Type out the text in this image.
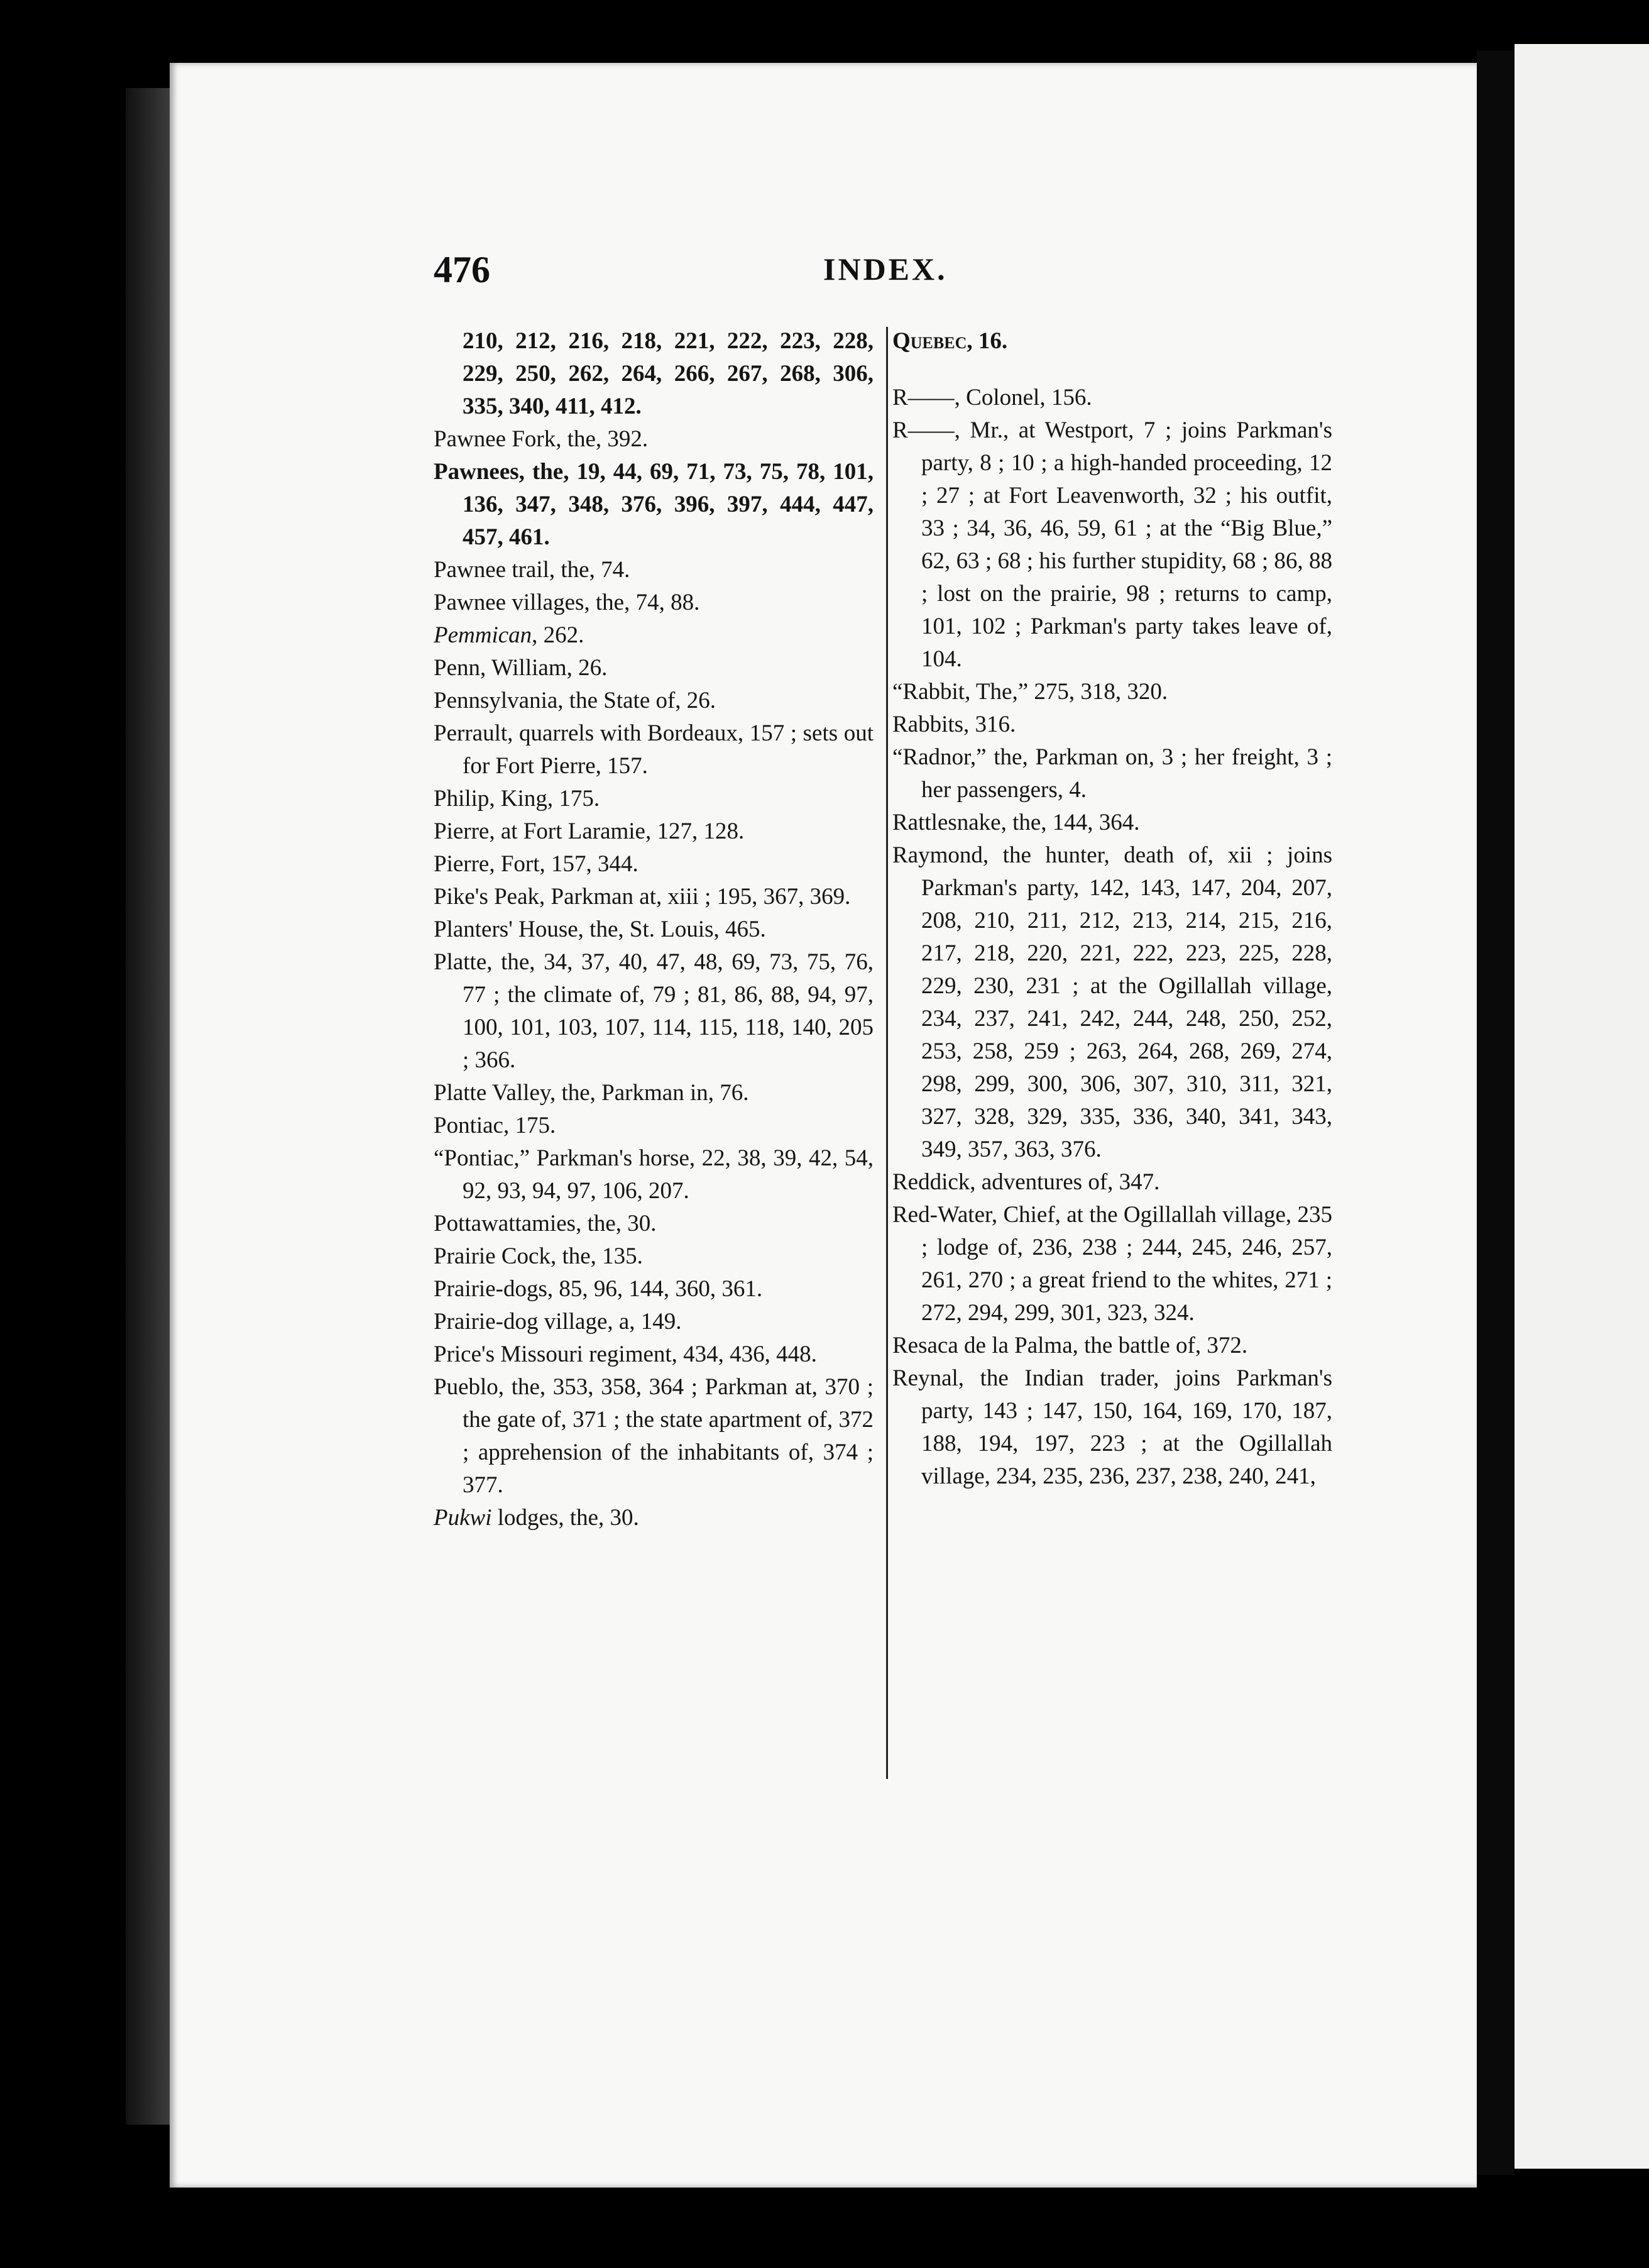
476	INDEX.
210, 212, 216, 218, 221, 222, 223, 228, 229, 250, 262, 264, 266, 267, 268, 306, 335, 340, 411, 412.
Pawnee Fork, the, 392.
Pawnees, the, 19, 44, 69, 71, 73, 75, 78, 101, 136, 347, 348, 376, 396, 397, 444, 447, 457, 461.
Pawnee trail, the, 74.
Pawnee villages, the, 74, 88.
Pemmican, 262.
Penn, William, 26.
Pennsylvania, the State of, 26.
Perrault, quarrels with Bordeaux, 157 ; sets out for Fort Pierre, 157.
Philip, King, 175.
Pierre, at Fort Laramie, 127, 128.
Pierre, Fort, 157, 344.
Pike's Peak, Parkman at, xiii ; 195, 367, 369.
Planters' House, the, St. Louis, 465.
Platte, the, 34, 37, 40, 47, 48, 69, 73, 75, 76, 77 ; the climate of, 79 ; 81, 86, 88, 94, 97, 100, 101, 103, 107, 114, 115, 118, 140, 205 ; 366.
Platte Valley, the, Parkman in, 76.
Pontiac, 175.
“Pontiac,” Parkman's horse, 22, 38, 39, 42, 54, 92, 93, 94, 97, 106, 207.
Pottawattamies, the, 30.
Prairie Cock, the, 135.
Prairie-dogs, 85, 96, 144, 360, 361.
Prairie-dog village, a, 149.
Price's Missouri regiment, 434, 436, 448.
Pueblo, the, 353, 358, 364 ; Parkman at, 370 ; the gate of, 371 ; the state apartment of, 372 ; apprehension of the inhabitants of, 374 ; 377.
Pukwi lodges, the, 30.
Quebec, 16.
R——, Colonel, 156.
R——, Mr., at Westport, 7 ; joins Parkman's party, 8 ; 10 ; a high-handed proceeding, 12 ; 27 ; at Fort Leavenworth, 32 ; his outfit, 33 ; 34, 36, 46, 59, 61 ; at the “Big Blue,” 62, 63 ; 68 ; his further stupidity, 68 ; 86, 88 ; lost on the prairie, 98 ; returns to camp, 101, 102 ; Parkman's party takes leave of, 104.
“Rabbit, The,” 275, 318, 320.
Rabbits, 316.
“Radnor,” the, Parkman on, 3 ; her freight, 3 ; her passengers, 4.
Rattlesnake, the, 144, 364.
Raymond, the hunter, death of, xii ; joins Parkman's party, 142, 143, 147, 204, 207, 208, 210, 211, 212, 213, 214, 215, 216, 217, 218, 220, 221, 222, 223, 225, 228, 229, 230, 231 ; at the Ogillallah village, 234, 237, 241, 242, 244, 248, 250, 252, 253, 258, 259 ; 263, 264, 268, 269, 274, 298, 299, 300, 306, 307, 310, 311, 321, 327, 328, 329, 335, 336, 340, 341, 343, 349, 357, 363, 376.
Reddick, adventures of, 347.
Red-Water, Chief, at the Ogillallah village, 235 ; lodge of, 236, 238 ; 244, 245, 246, 257, 261, 270 ; a great friend to the whites, 271 ; 272, 294, 299, 301, 323, 324.
Resaca de la Palma, the battle of, 372.
Reynal, the Indian trader, joins Parkman's party, 143 ; 147, 150, 164, 169, 170, 187, 188, 194, 197, 223 ; at the Ogillallah village, 234, 235, 236, 237, 238, 240, 241,
